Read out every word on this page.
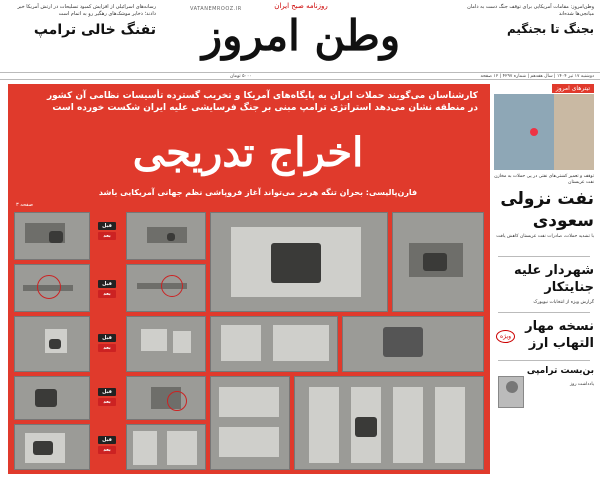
رسانه‌های اسرائیلی از افزایش کمبود تسلیحات در ارتش آمریکا خبر دادند؛ ذخایر موشک‌های رهگیر رو به اتمام است
تفنگ خالی ترامپ
VATANEMROOZ.IR	روزنامه صبح ایران
وطن امروز
وطن‌امروز: مقامات آمریکایی برای توقف جنگ دست به دامان میانجی‌ها شده‌اند
بجنگ تا بجنگیم
دوشنبه ۱۷ تیر ۱۴۰۴ | سال هفدهم | شماره ۴۲۹۷ | ۱۲ صفحه
۵۰۰۰ تومان
کارشناسان می‌گویند حملات ایران به پایگاه‌های آمریکا و تخریب گسترده تأسیسات نظامی آن کشور در منطقه نشان می‌دهد استراتژی ترامپ مبنی بر جنگ فرسایشی علیه ایران شکست خورده است
اخراج تدریجی
فارن‌پالیسی: بحران تنگه هرمز می‌تواند آغاز فروپاشی نظم جهانی آمریکایی باشد
صفحه ۳
قبل
بعد
قبل
بعد
قبل
بعد
قبل
بعد
قبل
بعد
تیترهای امروز
توقف و تعمیر کشتی‌های نفتی در پی حملات به مخازن نفت عربستان
نفت نزولی سعودی
با تشدید حملات، صادرات نفت عربستان کاهش یافت
شهردار علیه جنایتکار
گزارش ویژه از انتخابات نیویورک
ویژه
نسخه مهار التهاب ارز
بن‌بست ترامپی
یادداشت روز
